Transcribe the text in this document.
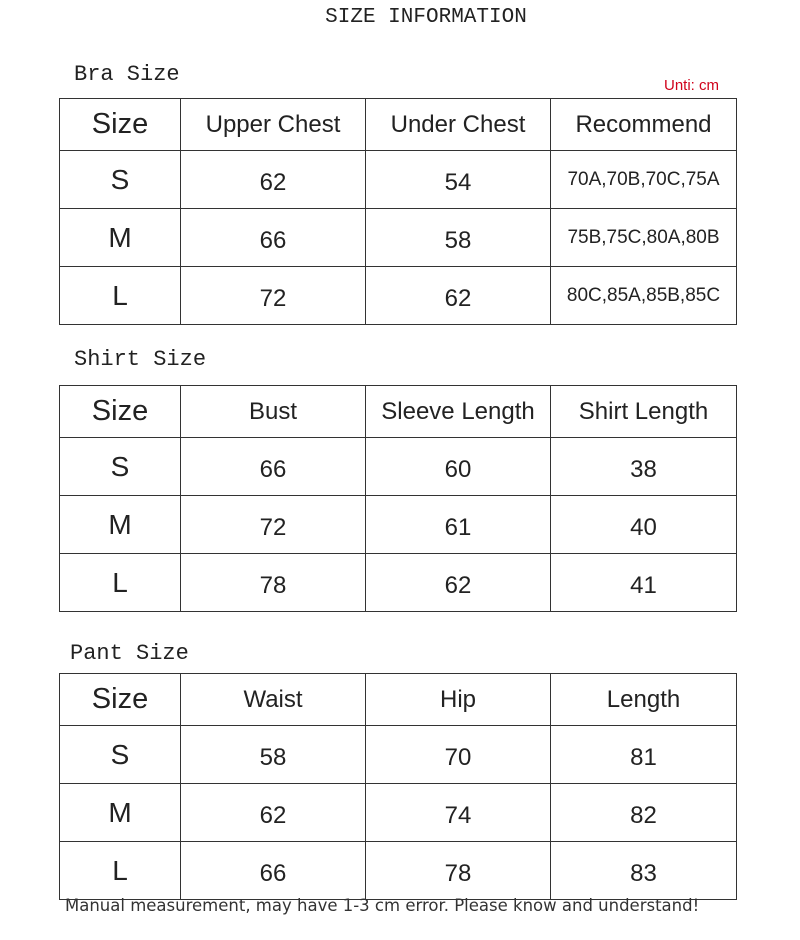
SIZE INFORMATION
Bra Size	Unti: cm
Size	Upper Chest	Under Chest	Recommend
S	62	54	70A,70B,70C,75A
M	66	58	75B,75C,80A,80B
L	72	62	80C,85A,85B,85C
Shirt Size
Size	Bust	Sleeve Length	Shirt Length
S	66	60	38
M	72	61	40
L	78	62	41
Pant Size
Size	Waist	Hip	Length
S	58	70	81
M	62	74	82
L	66	78	83
Manual measurement, may have 1-3 cm error. Please know and understand!
